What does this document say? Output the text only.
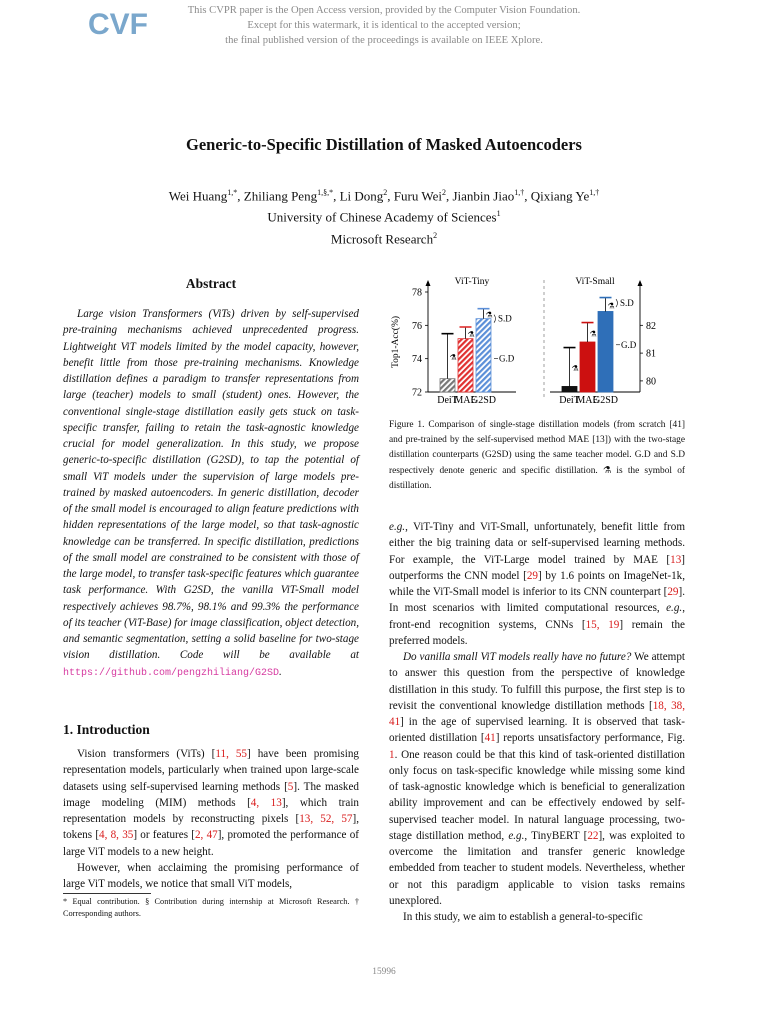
CVF	This CVPR paper is the Open Access version, provided by the Computer Vision Foundation.
Except for this watermark, it is identical to the accepted version;
the final published version of the proceedings is available on IEEE Xplore.
Generic-to-Specific Distillation of Masked Autoencoders
Wei Huang$^{1,*}$, Zhiliang Peng$^{1,\S,*}$, Li Dong$^2$, Furu Wei$^2$, Jianbin Jiao$^{1,\dagger}$, Qixiang $Ye^{1,\dagger}$
University of Chinese Academy of Sciences$^1$
Microsoft Research$^2$
Abstract
Large vision Transformers (ViTs) driven by self-supervised pre-training mechanisms achieved unprecedented progress. Lightweight ViT models limited by the model capacity, however, benefit little from those pre-training mechanisms. Knowledge distillation defines a paradigm to transfer representations from large (teacher) models to small (student) ones. However, the conventional single-stage distillation easily gets stuck on task-specific transfer, failing to retain the task-agnostic knowledge crucial for model generalization. In this study, we propose generic-to-specific distillation (G2SD), to tap the potential of small ViT models under the supervision of large models pre-trained by masked autoencoders. In generic distillation, decoder of the small model is encouraged to align feature predictions with hidden representations of the large model, so that task-agnostic knowledge can be transferred. In specific distillation, predictions of the small model are constrained to be consistent with those of the large model, to transfer task-specific features which guarantee task performance. With G2SD, the vanilla ViT-Small model respectively achieves 98.7%, 98.1% and 99.3% the performance of its teacher (ViT-Base) for image classification, object detection, and semantic segmentation, setting a solid baseline for two-stage vision distillation. Code will be available at https://github.com/pengzhiliang/G2SD.
1. Introduction

Vision transformers (ViTs) [11, 55] have been promising representation models, particularly when trained upon large-scale datasets using self-supervised learning methods [5]. The masked image modeling (MIM) methods [4, 13], which train representation models by reconstructing pixels [13, 52, 57], tokens [4, 8, 35] or features [2, 47], promoted the performance of large ViT models to a new height.

However, when acclaiming the promising performance of large ViT models, we notice that small ViT models,

* Equal contribution. § Contribution during internship at Microsoft Research. † Corresponding authors.
Top1-Acc(%)
ViT-Tiny
72
74
76
78
DeiT
⚗
MAE
⚗
G2SD
⚗ S.D
G.D
ViT-Small
80
81
82
DeiT
⚗
MAE
⚗
G2SD
⚗ S.D
G.D
Figure 1. Comparison of single-stage distillation models (from scratch [41] and pre-trained by the self-supervised method MAE [13]) with the two-stage distillation counterparts (G2SD) using the same teacher model. G.D and S.D respectively denote generic and specific distillation. ⚗ is the symbol of distillation.

e.g., ViT-Tiny and ViT-Small, unfortunately, benefit little from either the big training data or self-supervised learning methods. For example, the ViT-Large model trained by MAE [13] outperforms the CNN model [29] by 1.6 points on ImageNet-1k, while the ViT-Small model is inferior to its CNN counterpart [29]. In most scenarios with limited computational resources, e.g., front-end recognition systems, CNNs [15, 19] remain the preferred models.

Do vanilla small ViT models really have no future? We attempt to answer this question from the perspective of knowledge distillation in this study. To fulfill this purpose, the first step is to revisit the conventional knowledge distillation methods [18, 38, 41] in the age of supervised learning. It is observed that task-oriented distillation [41] reports unsatisfactory performance, Fig. 1. One reason could be that this kind of task-oriented distillation only focus on task-specific knowledge while missing some kind of task-agnostic knowledge which is beneficial to generalization ability improvement and can be effectively endowed by self-supervised teacher model. In natural language processing, two-stage distillation method, e.g., TinyBERT [22], was exploited to overcome the limitation and transfer generic knowledge embedded from teacher to student models. Nevertheless, whether or not this paradigm applicable to vision tasks remains unexplored.

In this study, we aim to establish a general-to-specific

15996
